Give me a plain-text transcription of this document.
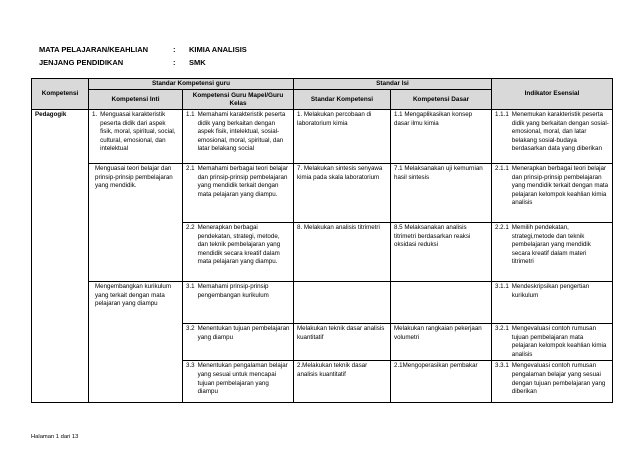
MATA PELAJARAN/KEAHLIAN	:	KIMIA ANALISIS
JENJANG PENDIDIKAN	:	SMK
Kompetensi	Standar Kompetensi guru		Standar Isi		Indikator Esensial
	Kompetensi Inti	Kompetensi Guru Mapel/Guru Kelas	Standar Kompetensi	Kompetensi Dasar	
Pedagogik	1. Menguasai karakteristik peserta didik dari aspek fisik, moral, spiritual, social, cultural, emosional, dan intelektual	1.1 Memahami karakteristik peserta didik yang berkaitan dengan aspek fisik, intelektual, sosial-emosional, moral, spiritual, dan latar belakang social	1. Melakukan percobaan di laboratorium kimia	1.1 Mengaplikasikan konsep dasar ilmu kimia	1.1.1 Menemukan karakteristik peserta didik yang berkaitan dengan sosial-emosional, moral, dan latar belakang sosial-budaya berdasarkan data yang diberikan

	Menguasai teori belajar dan prinsip-prinsip pembelajaran yang mendidik.	2.1 Memahami berbagai teori belajar dan prinsip-prinsip pembelajaran yang mendidik terkait dengan mata pelajaran yang diampu.	7. Melakukan sintesis senyawa kimia pada skala laboratorium	7.1 Melaksanakan uji kemurnian hasil sintesis	2.1.1 Menerapkan berbagai teori belajar dan prinsip-prinsip pembelajaran yang mendidik terkait dengan mata pelajaran kelompok keahlian kimia analisis

		2.2 Menerapkan berbagai pendekatan, strategi, metode, dan teknik pembelajaran yang mendidik secara kreatif dalam mata pelajaran yang diampu.	8. Melakukan analisis titrimetri	8.5 Melaksanakan analisis titrimetri berdasarkan reaksi oksidasi reduksi	2.2.1 Memilih pendekatan, strategi,metode dan teknik pembelajaran yang mendidik secara kreatif dalam materi titrimetri

	Mengembangkan kurikulum yang terkait dengan mata pelajaran yang diampu	3.1 Memahami prinsip-prinsip pengembangan kurikulum			3.1.1 Mendeskripsikan pengertian kurikulum

		3.2 Menentukan tujuan pembelajaran yang diampu	Melakukan teknik dasar analisis kuantitatif	Melakukan rangkaian pekerjaan volumetri	3.2.1 Mengevaluasi contoh rumusan tujuan pembelajaran mata pelajaran kelompok keahlian kimia analisis

		3.3 Menentukan pengalaman belajar yang sesuai untuk mencapai tujuan pembelajaran yang diampu	2.Melakukan teknik dasar analisis kuantitatif	2.1Mengoperasikan pembakar	3.3.1 Mengevaluasi contoh rumusan pengalaman belajar yang sesuai dengan tujuan pembelajaran yang diberikan
Halaman 1 dari 13
